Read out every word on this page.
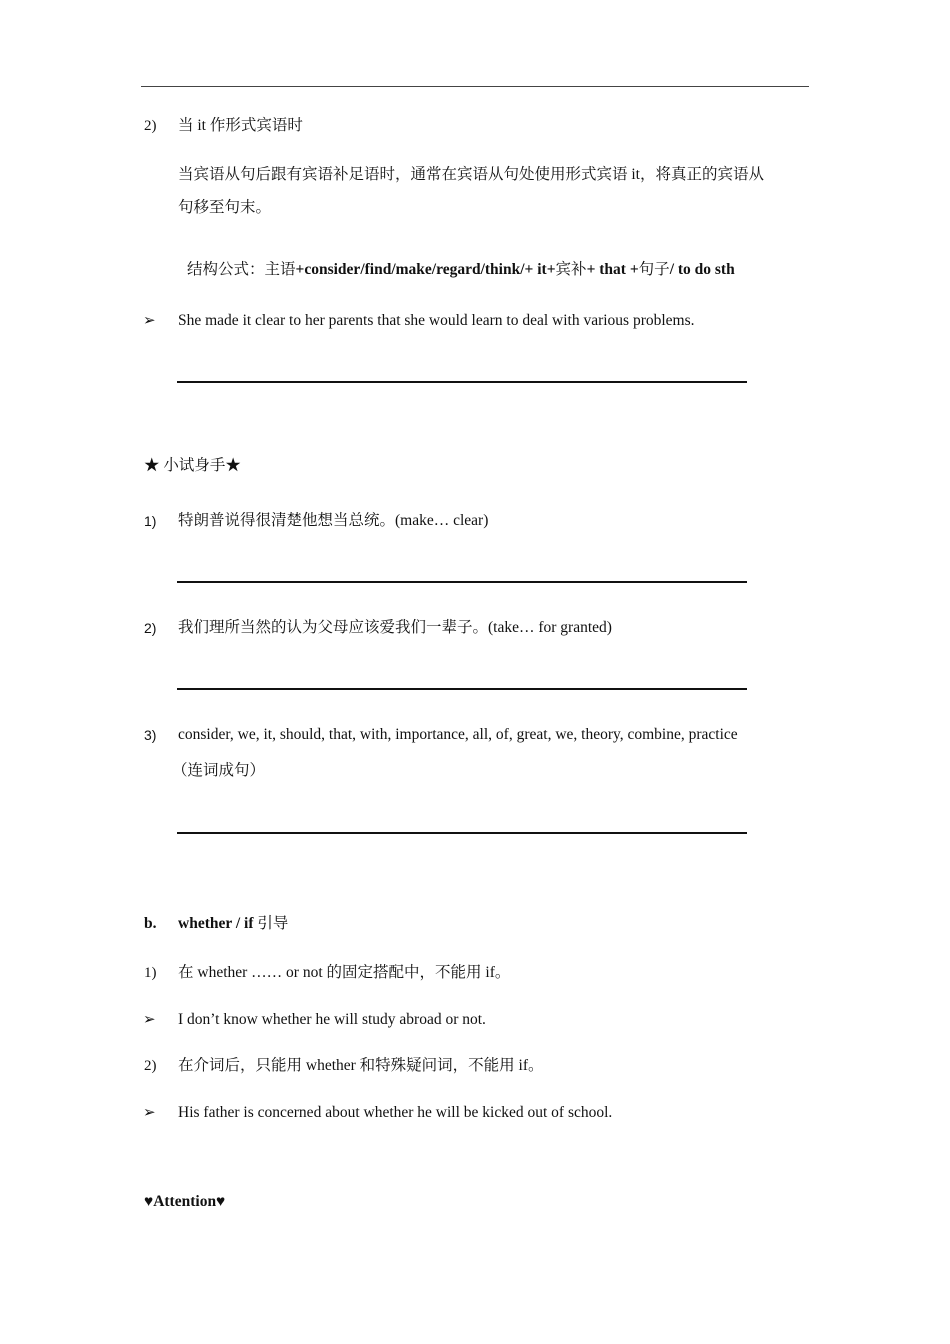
2) 当 it 作形式宾语时
当宾语从句后跟有宾语补足语时，通常在宾语从句处使用形式宾语 it，将真正的宾语从
句移至句末。
结构公式：主语+consider/find/make/regard/think/+ it+宾补+ that +句子/ to do sth
➢ She made it clear to her parents that she would learn to deal with various problems.
★ 小试身手★
1) 特朗普说得很清楚他想当总统。(make… clear)
2) 我们理所当然的认为父母应该爱我们一辈子。(take… for granted)
3) consider, we, it, should, that, with, importance, all, of, great, we, theory, combine, practice
（连词成句）
b. whether / if 引导
1) 在 whether …… or not 的固定搭配中，不能用 if。
➢ I don’t know whether he will study abroad or not.
2) 在介词后，只能用 whether 和特殊疑问词，不能用 if。
➢ His father is concerned about whether he will be kicked out of school.
♥Attention♥
